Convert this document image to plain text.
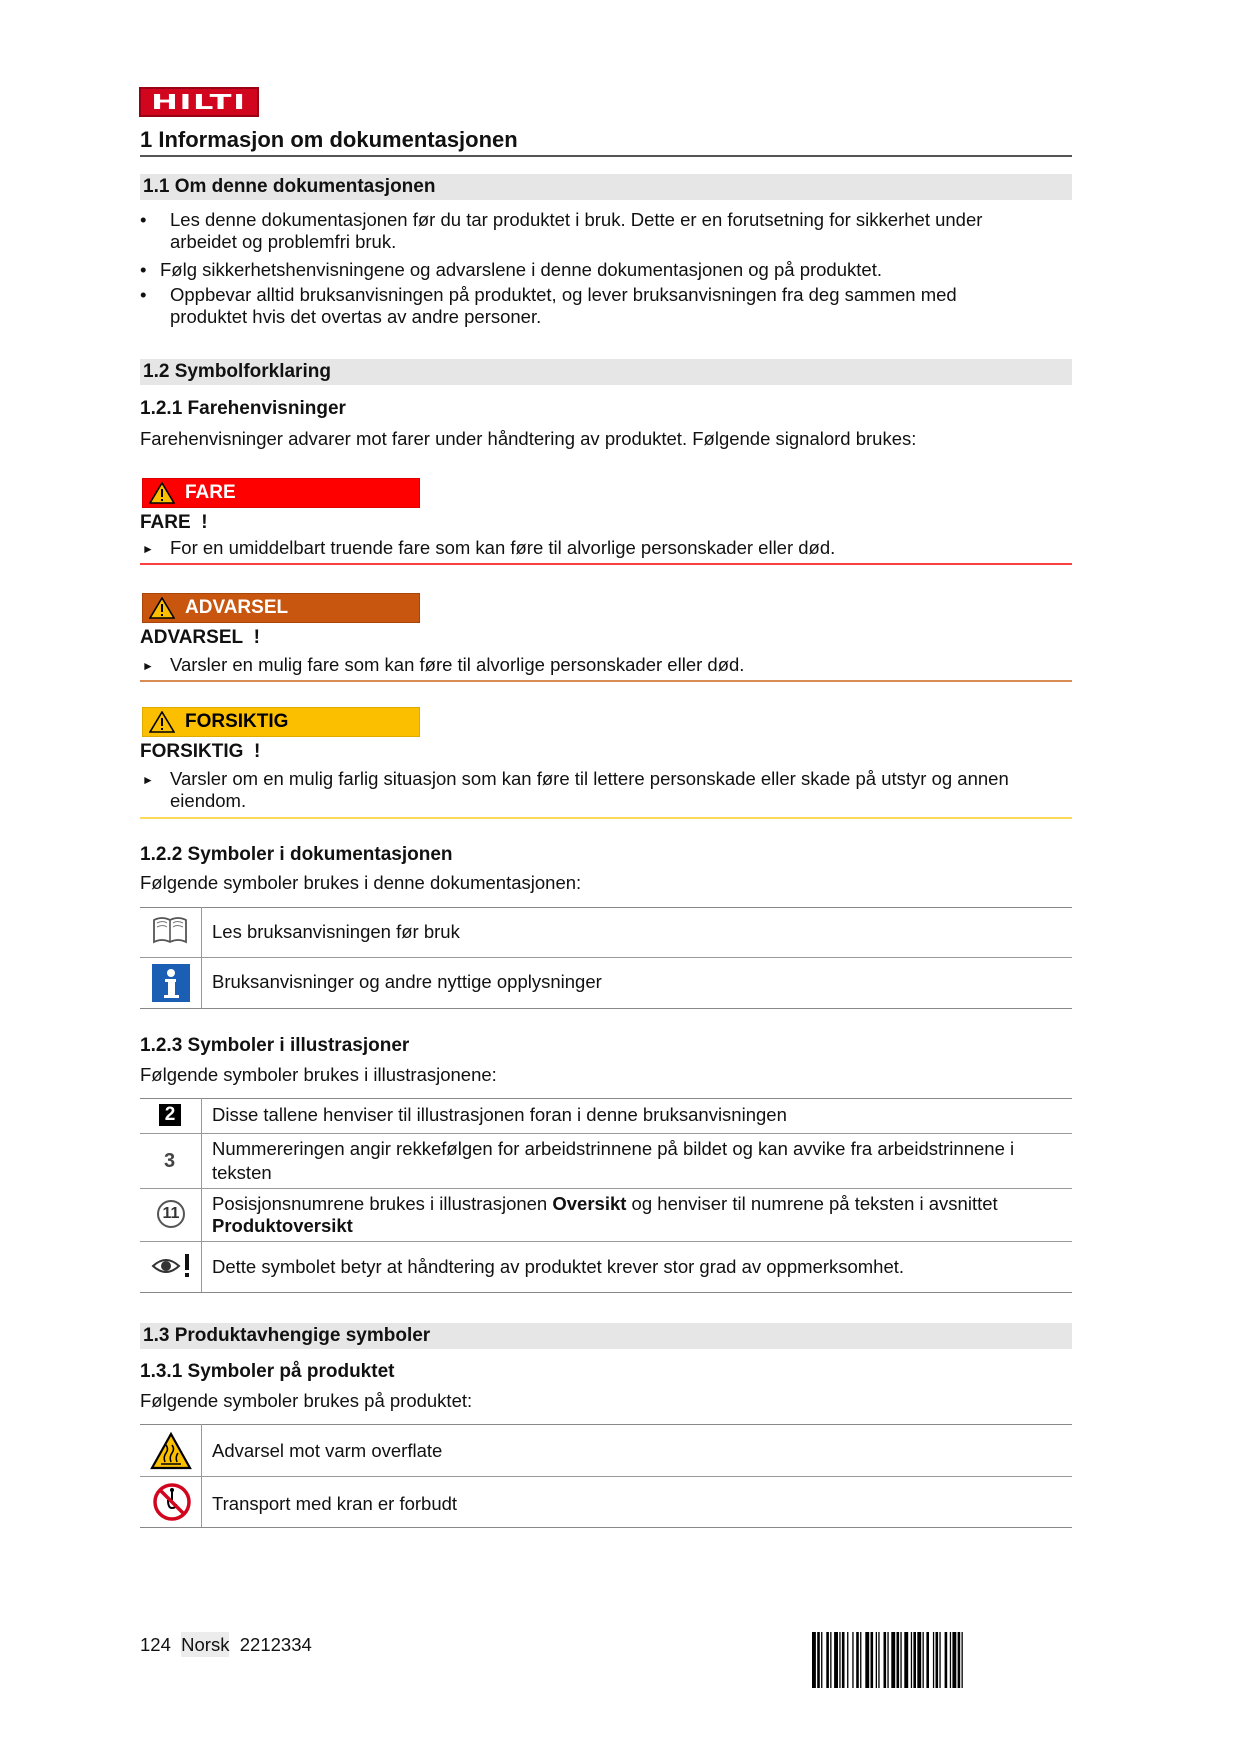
HILTI
1 Informasjon om dokumentasjonen
1.1 Om denne dokumentasjonen
• Les denne dokumentasjonen før du tar produktet i bruk. Dette er en forutsetning for sikkerhet under
arbeidet og problemfri bruk.
• Følg sikkerhetshenvisningene og advarslene i denne dokumentasjonen og på produktet.
• Oppbevar alltid bruksanvisningen på produktet, og lever bruksanvisningen fra deg sammen med
produktet hvis det overtas av andre personer.
1.2 Symbolforklaring
1.2.1 Farehenvisninger
Farehenvisninger advarer mot farer under håndtering av produktet. Følgende signalord brukes:
FARE
FARE !
► For en umiddelbart truende fare som kan føre til alvorlige personskader eller død.
ADVARSEL
ADVARSEL !
► Varsler en mulig fare som kan føre til alvorlige personskader eller død.
FORSIKTIG
FORSIKTIG !
► Varsler om en mulig farlig situasjon som kan føre til lettere personskade eller skade på utstyr og annen
eiendom.
1.2.2 Symboler i dokumentasjonen
Følgende symboler brukes i denne dokumentasjonen:
Les bruksanvisningen før bruk
Bruksanvisninger og andre nyttige opplysninger
1.2.3 Symboler i illustrasjoner
Følgende symboler brukes i illustrasjonene:
2	Disse tallene henviser til illustrasjonen foran i denne bruksanvisningen
3
Nummereringen angir rekkefølgen for arbeidstrinnene på bildet og kan avvike fra arbeidstrinnene i
teksten
11 Posisjonsnumrene brukes i illustrasjonen Oversikt og henviser til numrene på teksten i avsnittet
Produktoversikt
Dette symbolet betyr at håndtering av produktet krever stor grad av oppmerksomhet.
1.3 Produktavhengige symboler
1.3.1 Symboler på produktet
Følgende symboler brukes på produktet:
Advarsel mot varm overflate
Transport med kran er forbudt
124 Norsk 2212334
